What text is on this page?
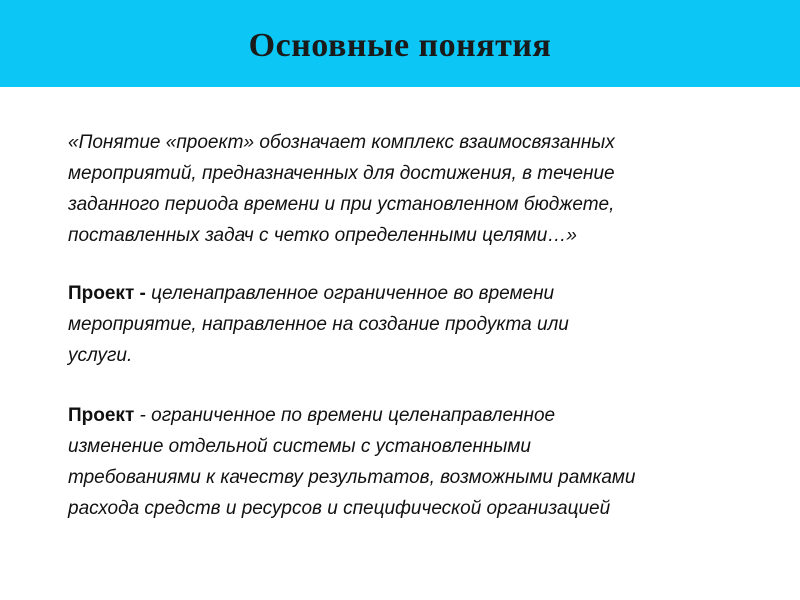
Основные понятия

«Понятие «проект» обозначает комплекс взаимосвязанных
мероприятий, предназначенных для достижения, в течение
заданного периода времени и при установленном бюджете,
поставленных задач с четко определенными целями…»

Проект - целенаправленное ограниченное во времени
мероприятие, направленное на создание продукта или
услуги.

Проект - ограниченное по времени целенаправленное
изменение отдельной системы с установленными
требованиями к качеству результатов, возможными рамками
расхода средств и ресурсов и специфической организацией
